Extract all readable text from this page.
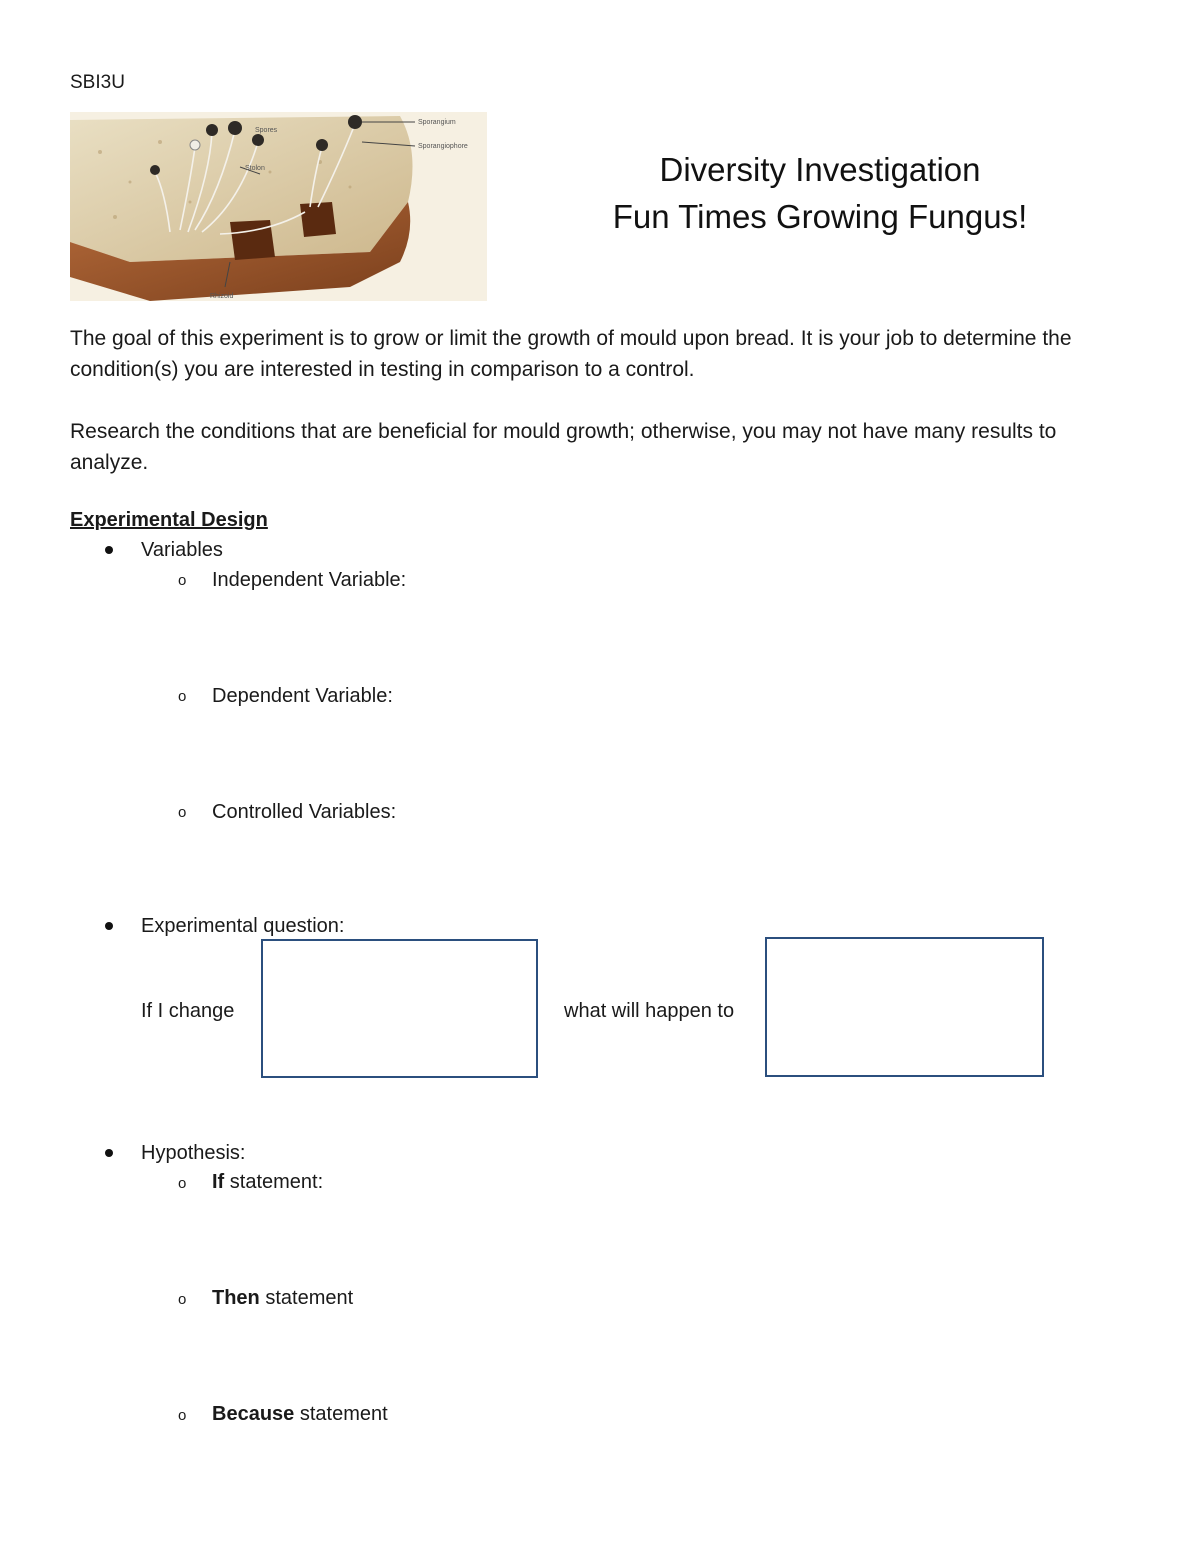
SBI3U
Sporangium
Spores
Sporangiophore
Stolon
Rhizoid
Diversity Investigation
Fun Times Growing Fungus!
The goal of this experiment is to grow or limit the growth of mould upon bread. It is your job to determine the condition(s) you are interested in testing in comparison to a control.
Research the conditions that are beneficial for mould growth; otherwise, you may not have many results to analyze.
Experimental Design
Variables
o Independent Variable:
o Dependent Variable:
o Controlled Variables:
Experimental question:
If I change	what will happen to
Hypothesis:
o If statement:
o Then statement
o Because statement
